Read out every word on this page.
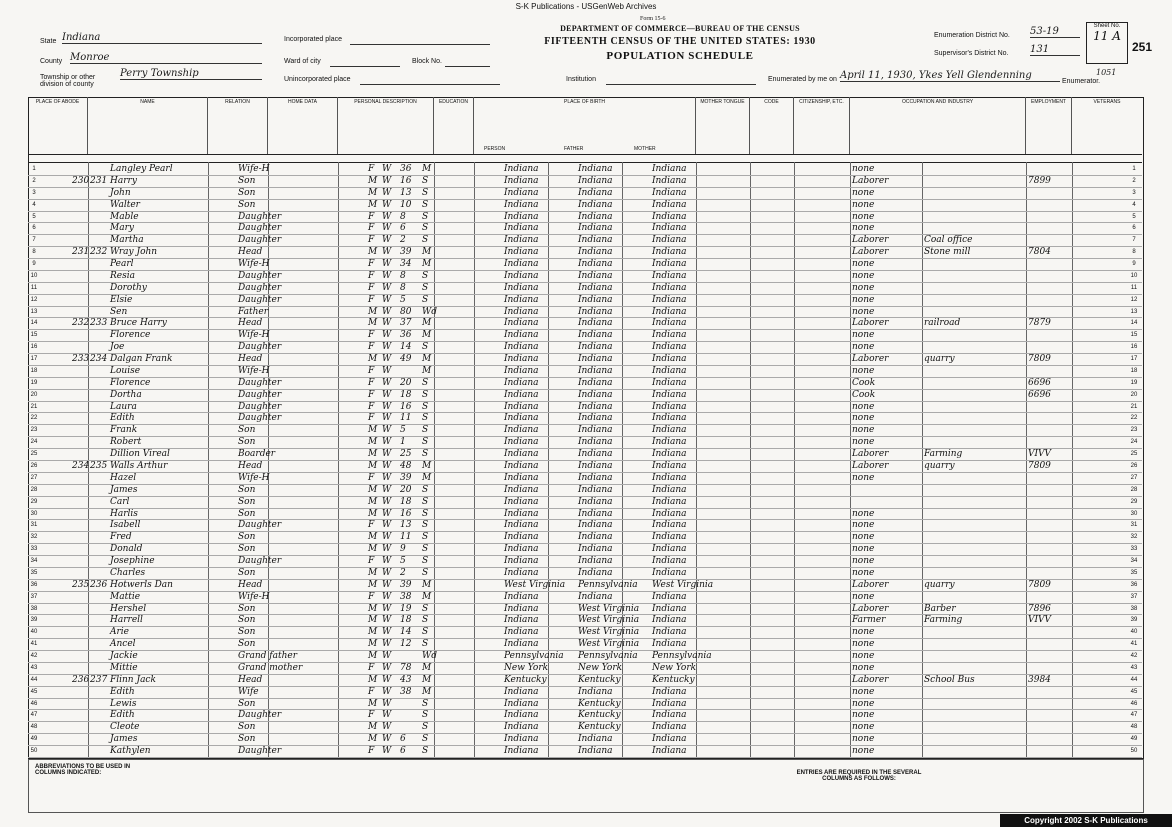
S-K Publications - USGenWeb Archives
Form 15-6
DEPARTMENT OF COMMERCE—BUREAU OF THE CENSUS
FIFTEENTH CENSUS OF THE UNITED STATES: 1930
POPULATION SCHEDULE
State Indiana
County Monroe
Township or other division of county
Perry Township
Incorporated place
Ward of city	Block No.
Unincorporated place	Institution
Enumeration District No. 53-19
Supervisor's District No. 131
Enumerated by me on April 11, 1930, Ykes Yell Glendenning
Enumerator.
Sheet No.
11 A
251
1051
PLACE OF ABODE	NAME	RELATION	HOME DATA	PERSONAL DESCRIPTION	EDUCATION	PLACE OF BIRTH
PERSON	FATHER	MOTHER
MOTHER TONGUE	CODE	CITIZENSHIP, ETC.	OCCUPATION AND INDUSTRY	EMPLOYMENT	VETERANS
1	Langley Pearl	Wife-H	F W 36	M	Indiana	Indiana	Indiana	none	1
2	230 231 Harry	Son	M W 16	S	Indiana	Indiana	Indiana	Laborer	7899	2
3	John	Son	M W 13	S	Indiana	Indiana	Indiana	none	3
4	Walter	Son	M W 10	S	Indiana	Indiana	Indiana	none	4
5	Mable	Daughter	F W 8	S	Indiana	Indiana	Indiana	none	5
6	Mary	Daughter	F W 6	S	Indiana	Indiana	Indiana	none	6
7	Martha	Daughter	F W 2	S	Indiana	Indiana	Indiana	Laborer	Coal office	7
8	231 232 Wray John	Head	M W 39	M	Indiana	Indiana	Indiana	Laborer	Stone mill	7804	8
9	Pearl	Wife-H	F W 34	M	Indiana	Indiana	Indiana	none	9
10	Resia	Daughter	F W 8	S	Indiana	Indiana	Indiana	none	10
11	Dorothy	Daughter	F W 8	S	Indiana	Indiana	Indiana	none	11
12	Elsie	Daughter	F W 5	S	Indiana	Indiana	Indiana	none	12
13	Sen	Father	M W 80	Wd	Indiana	Indiana	Indiana	none	13
14	232 233 Bruce Harry	Head	M W 37	M	Indiana	Indiana	Indiana	Laborer	railroad	7879	14
15	Florence	Wife-H	F W 36	M	Indiana	Indiana	Indiana	none	15
16	Joe	Daughter	F W 14	S	Indiana	Indiana	Indiana	none	16
17	233 234 Dalgan Frank	Head	M W 49	M	Indiana	Indiana	Indiana	Laborer	quarry	7809	17
18	Louise	Wife-H	F W	M	Indiana	Indiana	Indiana	none	18
19	Florence	Daughter	F W 20	S	Indiana	Indiana	Indiana	Cook	6696	19
20	Dortha	Daughter	F W 18	S	Indiana	Indiana	Indiana	Cook	6696	20
21	Laura	Daughter	F W 16	S	Indiana	Indiana	Indiana	none	21
22	Edith	Daughter	F W 11	S	Indiana	Indiana	Indiana	none	22
23	Frank	Son	M W 5	S	Indiana	Indiana	Indiana	none	23
24	Robert	Son	M W 1	S	Indiana	Indiana	Indiana	none	24
25	Dillion Vireal	Boarder	M W 25	S	Indiana	Indiana	Indiana	Laborer	Farming	VIVV	25
26	234 235 Walls Arthur	Head	M W 48	M	Indiana	Indiana	Indiana	Laborer	quarry	7809	26
27	Hazel	Wife-H	F W 39	M	Indiana	Indiana	Indiana	none	27
28	James	Son	M W 20	S	Indiana	Indiana	Indiana	28
29	Carl	Son	M W 18	S	Indiana	Indiana	Indiana	29
30	Harlis	Son	M W 16	S	Indiana	Indiana	Indiana	none	30
31	Isabell	Daughter	F W 13	S	Indiana	Indiana	Indiana	none	31
32	Fred	Son	M W 11	S	Indiana	Indiana	Indiana	none	32
33	Donald	Son	M W 9	S	Indiana	Indiana	Indiana	none	33
34	Josephine	Daughter	F W 5	S	Indiana	Indiana	Indiana	none	34
35	Charles	Son	M W 2	S	Indiana	Indiana	Indiana	none	35
36	235 236 Hotwerls Dan	Head	M W 39	M	West Virginia	Pennsylvania	West Virginia	Laborer	quarry	7809	36
37	Mattie	Wife-H	F W 38	M	Indiana	Indiana	Indiana	none	37
38	Hershel	Son	M W 19	S	Indiana	West Virginia	Indiana	Laborer	Barber	7896	38
39	Harrell	Son	M W 18	S	Indiana	West Virginia	Indiana	Farmer	Farming	VIVV	39
40	Arie	Son	M W 14	S	Indiana	West Virginia	Indiana	none	40
41	Ancel	Son	M W 12	S	Indiana	West Virginia	Indiana	none	41
42	Jackie	Grand father	M W	Wd	Pennsylvania	Pennsylvania	Pennsylvania	none	42
43	Mittie	Grand mother	F W 78	M	New York	New York	New York	none	43
44	236 237 Flinn Jack	Head	M W 43	M	Kentucky	Kentucky	Kentucky	Laborer	School Bus	3984	44
45	Edith	Wife	F W 38	M	Indiana	Indiana	Indiana	none	45
46	Lewis	Son	M W	S	Indiana	Kentucky	Indiana	none	46
47	Edith	Daughter	F W	S	Indiana	Kentucky	Indiana	none	47
48	Cleote	Son	M W	S	Indiana	Kentucky	Indiana	none	48
49	James	Son	M W 6	S	Indiana	Indiana	Indiana	none	49
50	Kathylen	Daughter	F W 6	S	Indiana	Indiana	Indiana	none	50
ABBREVIATIONS TO BE USED IN COLUMNS INDICATED:	ENTRIES ARE REQUIRED IN THE SEVERAL COLUMNS AS FOLLOWS:
Copyright 2002 S-K Publications
